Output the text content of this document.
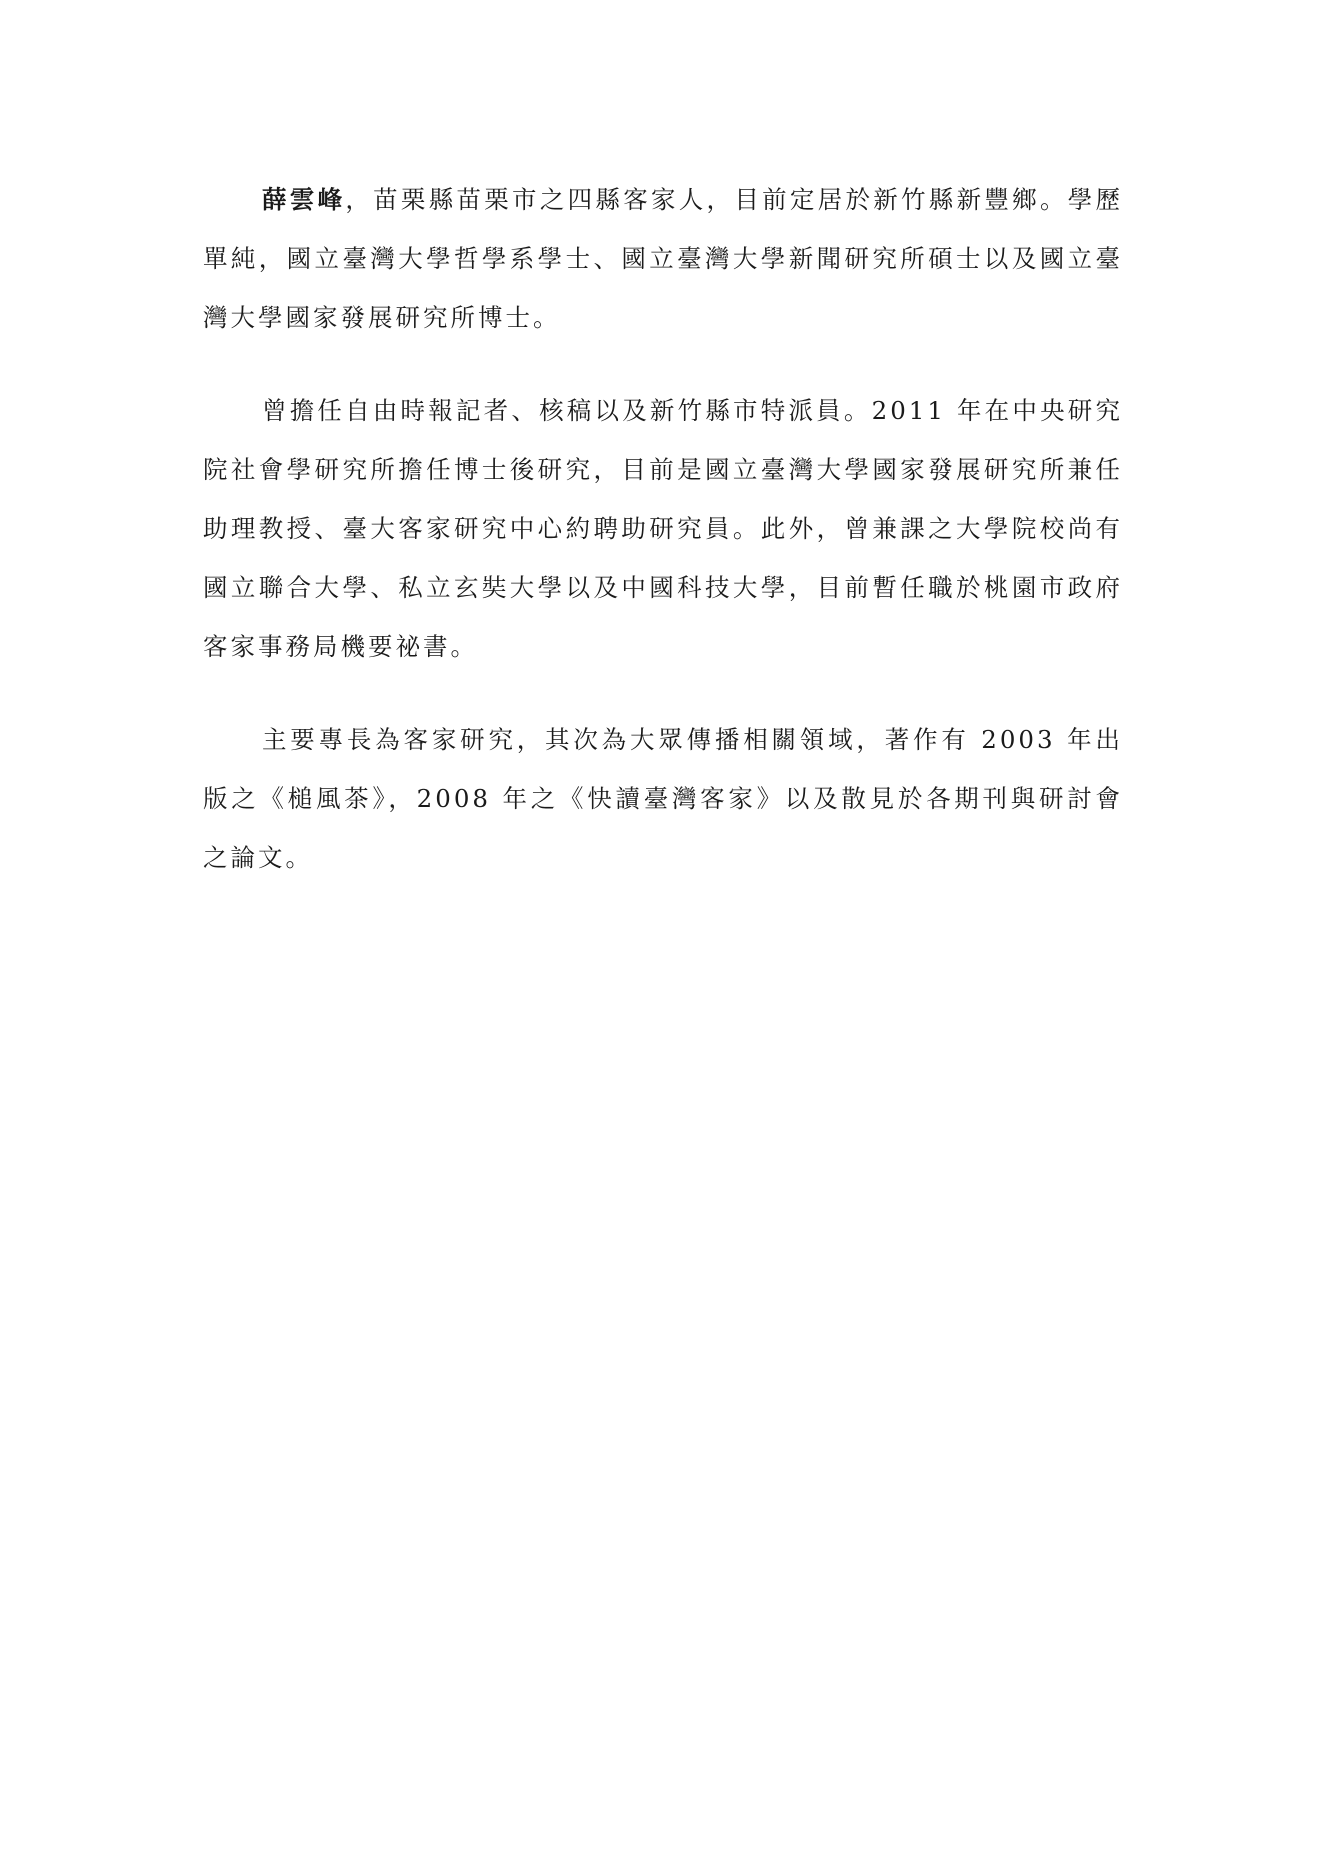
薛雲峰，苗栗縣苗栗市之四縣客家人，目前定居於新竹縣新豐鄉。學歷單純，國立臺灣大學哲學系學士、國立臺灣大學新聞研究所碩士以及國立臺灣大學國家發展研究所博士。

曾擔任自由時報記者、核稿以及新竹縣市特派員。2011 年在中央研究院社會學研究所擔任博士後研究，目前是國立臺灣大學國家發展研究所兼任助理教授、臺大客家研究中心約聘助研究員。此外，曾兼課之大學院校尚有國立聯合大學、私立玄奘大學以及中國科技大學，目前暫任職於桃園市政府客家事務局機要祕書。

主要專長為客家研究，其次為大眾傳播相關領域，著作有 2003 年出版之《槌風茶》，2008 年之《快讀臺灣客家》以及散見於各期刊與研討會之論文。
